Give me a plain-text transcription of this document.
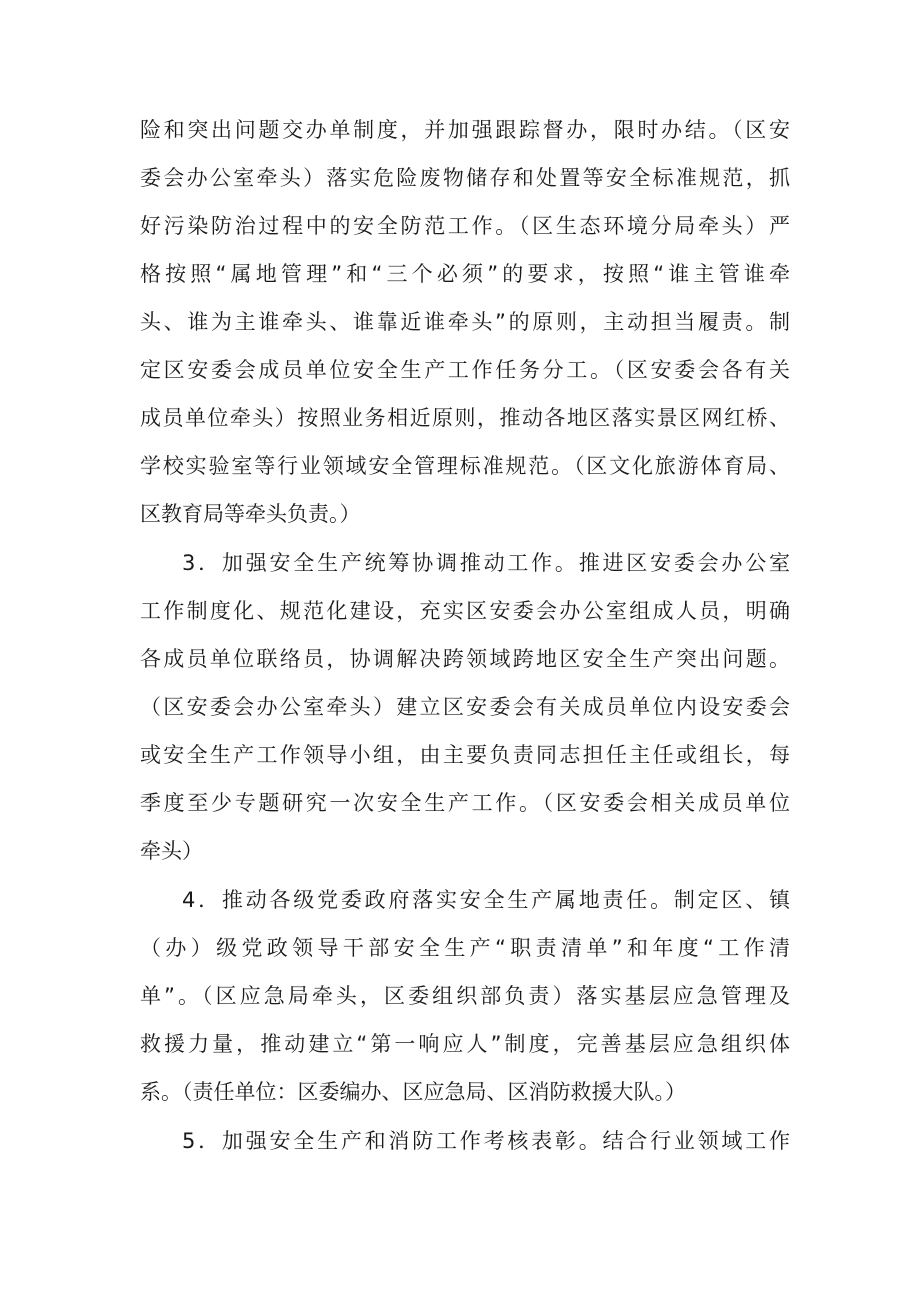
险和突出问题交办单制度，并加强跟踪督办，限时办结。（区安
委会办公室牵头）落实危险废物储存和处置等安全标准规范，抓
好污染防治过程中的安全防范工作。（区生态环境分局牵头）严
格按照“属地管理”和“三个必须”的要求，按照“谁主管谁牵
头、谁为主谁牵头、谁靠近谁牵头”的原则，主动担当履责。制
定区安委会成员单位安全生产工作任务分工。（区安委会各有关
成员单位牵头）按照业务相近原则，推动各地区落实景区网红桥、
学校实验室等行业领域安全管理标准规范。（区文化旅游体育局、
区教育局等牵头负责。）
3．加强安全生产统筹协调推动工作。推进区安委会办公室
工作制度化、规范化建设，充实区安委会办公室组成人员，明确
各成员单位联络员，协调解决跨领域跨地区安全生产突出问题。
（区安委会办公室牵头）建立区安委会有关成员单位内设安委会
或安全生产工作领导小组，由主要负责同志担任主任或组长，每
季度至少专题研究一次安全生产工作。（区安委会相关成员单位
牵头）
4．推动各级党委政府落实安全生产属地责任。制定区、镇
（办）级党政领导干部安全生产“职责清单”和年度“工作清
单”。（区应急局牵头，区委组织部负责）落实基层应急管理及
救援力量，推动建立“第一响应人”制度，完善基层应急组织体
系。（责任单位：区委编办、区应急局、区消防救援大队。）
5．加强安全生产和消防工作考核表彰。结合行业领域工作
